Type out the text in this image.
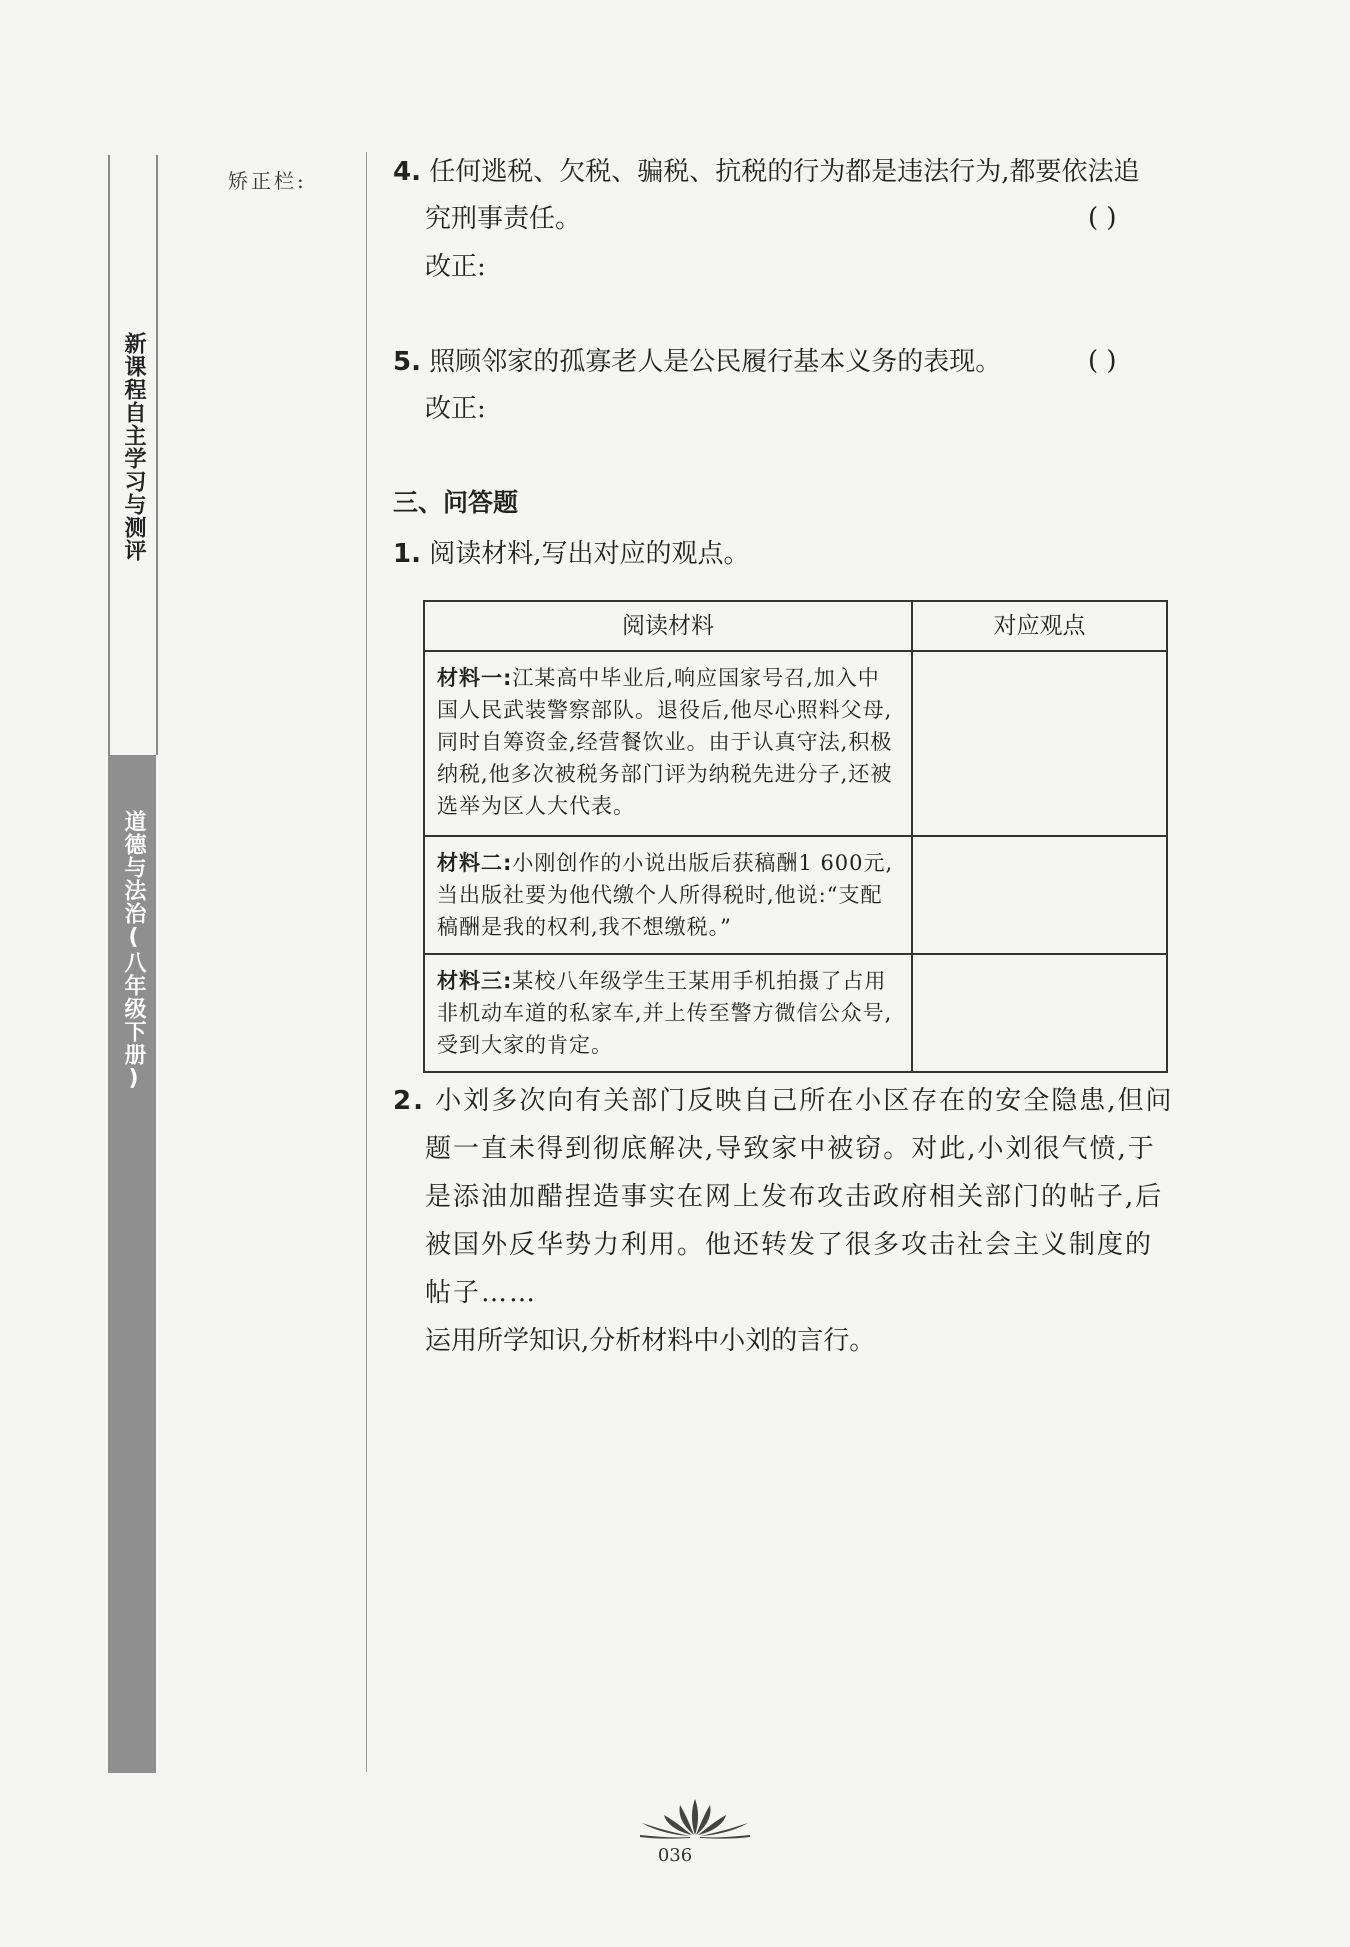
新课程自主学习与测评
道德与法治(八年级下册)
矫正栏:	4. 任何逃税、欠税、骗税、抗税的行为都是违法行为,都要依法追
究刑事责任。	( )
改正:
5. 照顾邻家的孤寡老人是公民履行基本义务的表现。	( )
改正:
三、问答题
1. 阅读材料,写出对应的观点。
阅读材料	对应观点
材料一:江某高中毕业后,响应国家号召,加入中国人民武装警察部队。退役后,他尽心照料父母,同时自筹资金,经营餐饮业。由于认真守法,积极纳税,他多次被税务部门评为纳税先进分子,还被选举为区人大代表。	
材料二:小刚创作的小说出版后获稿酬1 600元,当出版社要为他代缴个人所得税时,他说:“支配稿酬是我的权利,我不想缴税。”	
材料三:某校八年级学生王某用手机拍摄了占用非机动车道的私家车,并上传至警方微信公众号,受到大家的肯定。	
2. 小刘多次向有关部门反映自己所在小区存在的安全隐患,但问
题一直未得到彻底解决,导致家中被窃。对此,小刘很气愤,于
是添油加醋捏造事实在网上发布攻击政府相关部门的帖子,后
被国外反华势力利用。他还转发了很多攻击社会主义制度的
帖子……
运用所学知识,分析材料中小刘的言行。
036
